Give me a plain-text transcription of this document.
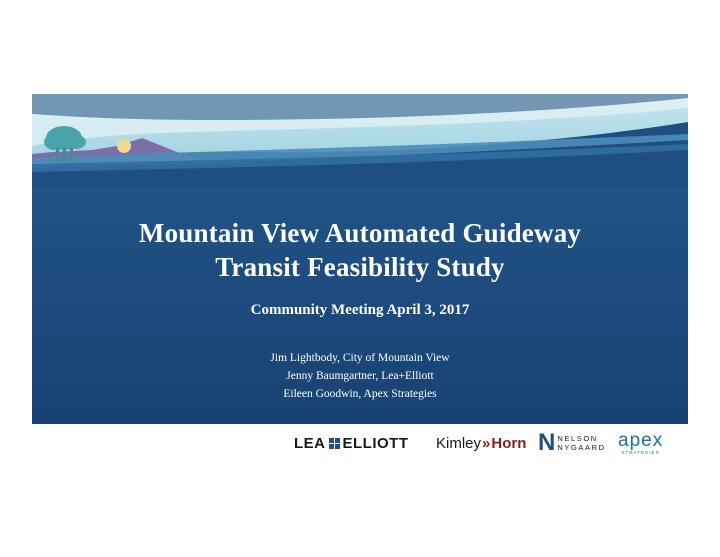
Mountain View Automated Guideway
Transit Feasibility Study
Community Meeting April 3, 2017
Jim Lightbody, City of Mountain View
Jenny Baumgartner, Lea+Elliott
Eileen Goodwin, Apex Strategies
LEA ELLIOTT Kimley » Horn N NELSON
NYGAARD apex
STRATEGIES
